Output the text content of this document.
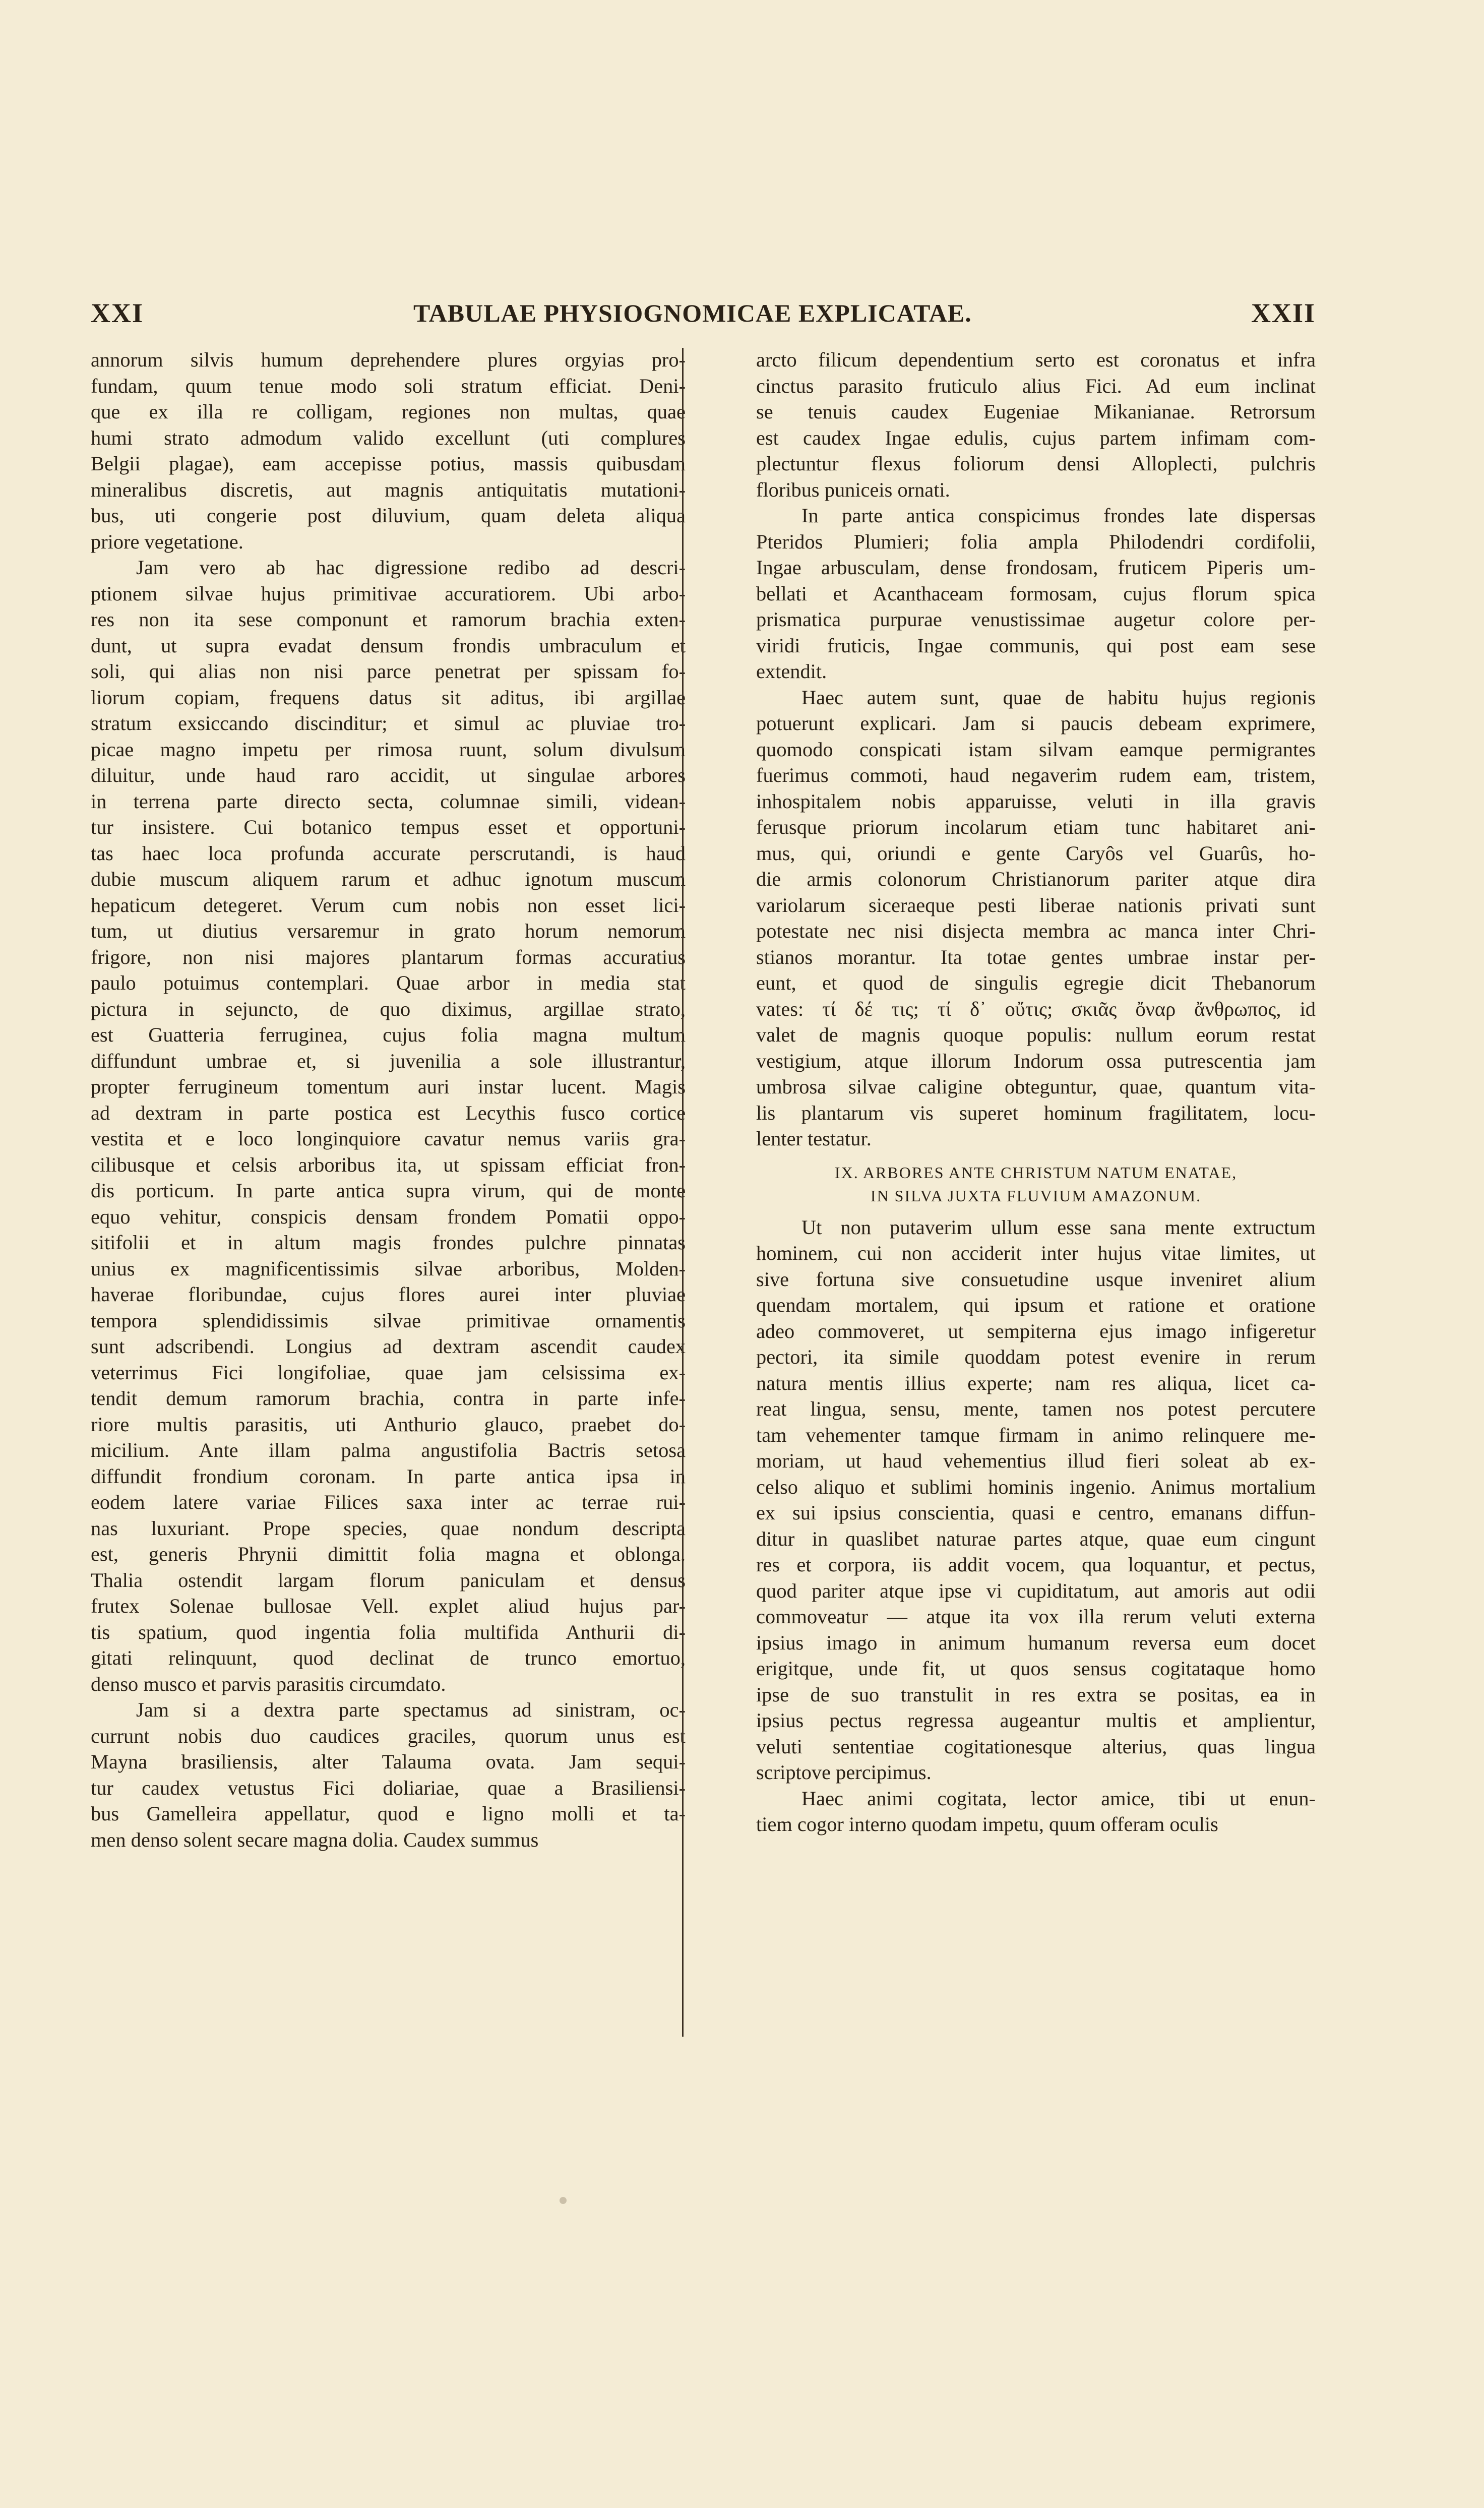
XXI	TABULAE PHYSIOGNOMICAE EXPLICATAE.	XXII
annorum silvis humum deprehendere plures orgyias pro-
fundam, quum tenue modo soli stratum efficiat. Deni-
que ex illa re colligam, regiones non multas, quae
humi strato admodum valido excellunt (uti complures
Belgii plagae), eam accepisse potius, massis quibusdam
mineralibus discretis, aut magnis antiquitatis mutationi-
bus, uti congerie post diluvium, quam deleta aliqua
priore vegetatione.
Jam vero ab hac digressione redibo ad descri-
ptionem silvae hujus primitivae accuratiorem. Ubi arbo-
res non ita sese componunt et ramorum brachia exten-
dunt, ut supra evadat densum frondis umbraculum et
soli, qui alias non nisi parce penetrat per spissam fo-
liorum copiam, frequens datus sit aditus, ibi argillae
stratum exsiccando discinditur; et simul ac pluviae tro-
picae magno impetu per rimosa ruunt, solum divulsum
diluitur, unde haud raro accidit, ut singulae arbores
in terrena parte directo secta, columnae simili, videan-
tur insistere. Cui botanico tempus esset et opportuni-
tas haec loca profunda accurate perscrutandi, is haud
dubie muscum aliquem rarum et adhuc ignotum muscum
hepaticum detegeret. Verum cum nobis non esset lici-
tum, ut diutius versaremur in grato horum nemorum
frigore, non nisi majores plantarum formas accuratius
paulo potuimus contemplari. Quae arbor in media stat
pictura in sejuncto, de quo diximus, argillae strato,
est Guatteria ferruginea, cujus folia magna multum
diffundunt umbrae et, si juvenilia a sole illustrantur,
propter ferrugineum tomentum auri instar lucent. Magis
ad dextram in parte postica est Lecythis fusco cortice
vestita et e loco longinquiore cavatur nemus variis gra-
cilibusque et celsis arboribus ita, ut spissam efficiat fron-
dis porticum. In parte antica supra virum, qui de monte
equo vehitur, conspicis densam frondem Pomatii oppo-
sitifolii et in altum magis frondes pulchre pinnatas
unius ex magnificentissimis silvae arboribus, Molden-
haverae floribundae, cujus flores aurei inter pluviae
tempora splendidissimis silvae primitivae ornamentis
sunt adscribendi. Longius ad dextram ascendit caudex
veterrimus Fici longifoliae, quae jam celsissima ex-
tendit demum ramorum brachia, contra in parte infe-
riore multis parasitis, uti Anthurio glauco, praebet do-
micilium. Ante illam palma angustifolia Bactris setosa
diffundit frondium coronam. In parte antica ipsa in
eodem latere variae Filices saxa inter ac terrae rui-
nas luxuriant. Prope species, quae nondum descripta
est, generis Phrynii dimittit folia magna et oblonga.
Thalia ostendit largam florum paniculam et densus
frutex Solenae bullosae Vell. explet aliud hujus par-
tis spatium, quod ingentia folia multifida Anthurii di-
gitati relinquunt, quod declinat de trunco emortuo,
denso musco et parvis parasitis circumdato.
Jam si a dextra parte spectamus ad sinistram, oc-
currunt nobis duo caudices graciles, quorum unus est
Mayna brasiliensis, alter Talauma ovata. Jam sequi-
tur caudex vetustus Fici doliariae, quae a Brasiliensi-
bus Gamelleira appellatur, quod e ligno molli et ta-
men denso solent secare magna dolia. Caudex summus
arcto filicum dependentium serto est coronatus et infra
cinctus parasito fruticulo alius Fici. Ad eum inclinat
se tenuis caudex Eugeniae Mikanianae. Retrorsum
est caudex Ingae edulis, cujus partem infimam com-
plectuntur flexus foliorum densi Alloplecti, pulchris
floribus puniceis ornati.
In parte antica conspicimus frondes late dispersas
Pteridos Plumieri; folia ampla Philodendri cordifolii,
Ingae arbusculam, dense frondosam, fruticem Piperis um-
bellati et Acanthaceam formosam, cujus florum spica
prismatica purpurae venustissimae augetur colore per-
viridi fruticis, Ingae communis, qui post eam sese
extendit.
Haec autem sunt, quae de habitu hujus regionis
potuerunt explicari. Jam si paucis debeam exprimere,
quomodo conspicati istam silvam eamque permigrantes
fuerimus commoti, haud negaverim rudem eam, tristem,
inhospitalem nobis apparuisse, veluti in illa gravis
ferusque priorum incolarum etiam tunc habitaret ani-
mus, qui, oriundi e gente Caryôs vel Guarûs, ho-
die armis colonorum Christianorum pariter atque dira
variolarum siceraeque pesti liberae nationis privati sunt
potestate nec nisi disjecta membra ac manca inter Chri-
stianos morantur. Ita totae gentes umbrae instar per-
eunt, et quod de singulis egregie dicit Thebanorum
vates: τί δέ τις; τί δ᾽ οὔτις; σκιᾶς ὄναρ ἄνθρωπος, id
valet de magnis quoque populis: nullum eorum restat
vestigium, atque illorum Indorum ossa putrescentia jam
umbrosa silvae caligine obteguntur, quae, quantum vita-
lis plantarum vis superet hominum fragilitatem, locu-
lenter testatur.
IX. ARBORES ANTE CHRISTUM NATUM ENATAE,
IN SILVA JUXTA FLUVIUM AMAZONUM.
Ut non putaverim ullum esse sana mente extructum
hominem, cui non acciderit inter hujus vitae limites, ut
sive fortuna sive consuetudine usque inveniret alium
quendam mortalem, qui ipsum et ratione et oratione
adeo commoveret, ut sempiterna ejus imago infigeretur
pectori, ita simile quoddam potest evenire in rerum
natura mentis illius experte; nam res aliqua, licet ca-
reat lingua, sensu, mente, tamen nos potest percutere
tam vehementer tamque firmam in animo relinquere me-
moriam, ut haud vehementius illud fieri soleat ab ex-
celso aliquo et sublimi hominis ingenio. Animus mortalium
ex sui ipsius conscientia, quasi e centro, emanans diffun-
ditur in quaslibet naturae partes atque, quae eum cingunt
res et corpora, iis addit vocem, qua loquantur, et pectus,
quod pariter atque ipse vi cupiditatum, aut amoris aut odii
commoveatur — atque ita vox illa rerum veluti externa
ipsius imago in animum humanum reversa eum docet
erigitque, unde fit, ut quos sensus cogitataque homo
ipse de suo transtulit in res extra se positas, ea in
ipsius pectus regressa augeantur multis et amplientur,
veluti sententiae cogitationesque alterius, quas lingua
scriptove percipimus.
Haec animi cogitata, lector amice, tibi ut enun-
tiem cogor interno quodam impetu, quum offeram oculis
